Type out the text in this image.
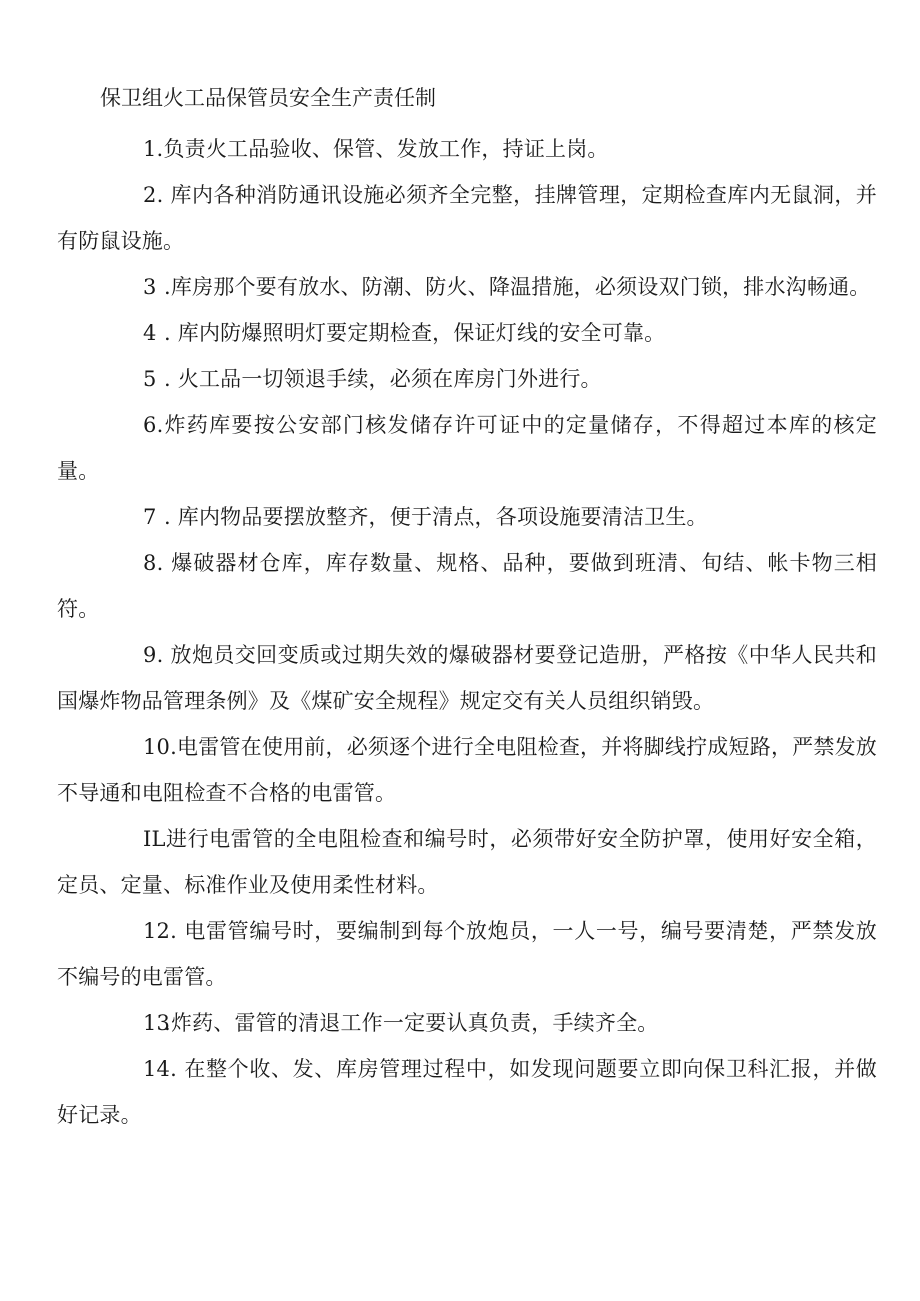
保卫组火工品保管员安全生产责任制

1.负责火工品验收、保管、发放工作，持证上岗。

2. 库内各种消防通讯设施必须齐全完整，挂牌管理，定期检查库内无鼠洞，并有防鼠设施。

3 .库房那个要有放水、防潮、防火、降温措施，必须设双门锁，排水沟畅通。

4 . 库内防爆照明灯要定期检查，保证灯线的安全可靠。

5 . 火工品一切领退手续，必须在库房门外进行。

6.炸药库要按公安部门核发储存许可证中的定量储存，不得超过本库的核定量。

7 . 库内物品要摆放整齐，便于清点，各项设施要清洁卫生。

8. 爆破器材仓库，库存数量、规格、品种，要做到班清、旬结、帐卡物三相符。

9. 放炮员交回变质或过期失效的爆破器材要登记造册，严格按《中华人民共和国爆炸物品管理条例》及《煤矿安全规程》规定交有关人员组织销毁。

10.电雷管在使用前，必须逐个进行全电阻检查，并将脚线拧成短路，严禁发放不导通和电阻检查不合格的电雷管。

IL进行电雷管的全电阻检查和编号时，必须带好安全防护罩，使用好安全箱，定员、定量、标准作业及使用柔性材料。

12. 电雷管编号时，要编制到每个放炮员，一人一号，编号要清楚，严禁发放不编号的电雷管。

13.炸药、雷管的清退工作一定要认真负责，手续齐全。

14. 在整个收、发、库房管理过程中，如发现问题要立即向保卫科汇报，并做好记录。
